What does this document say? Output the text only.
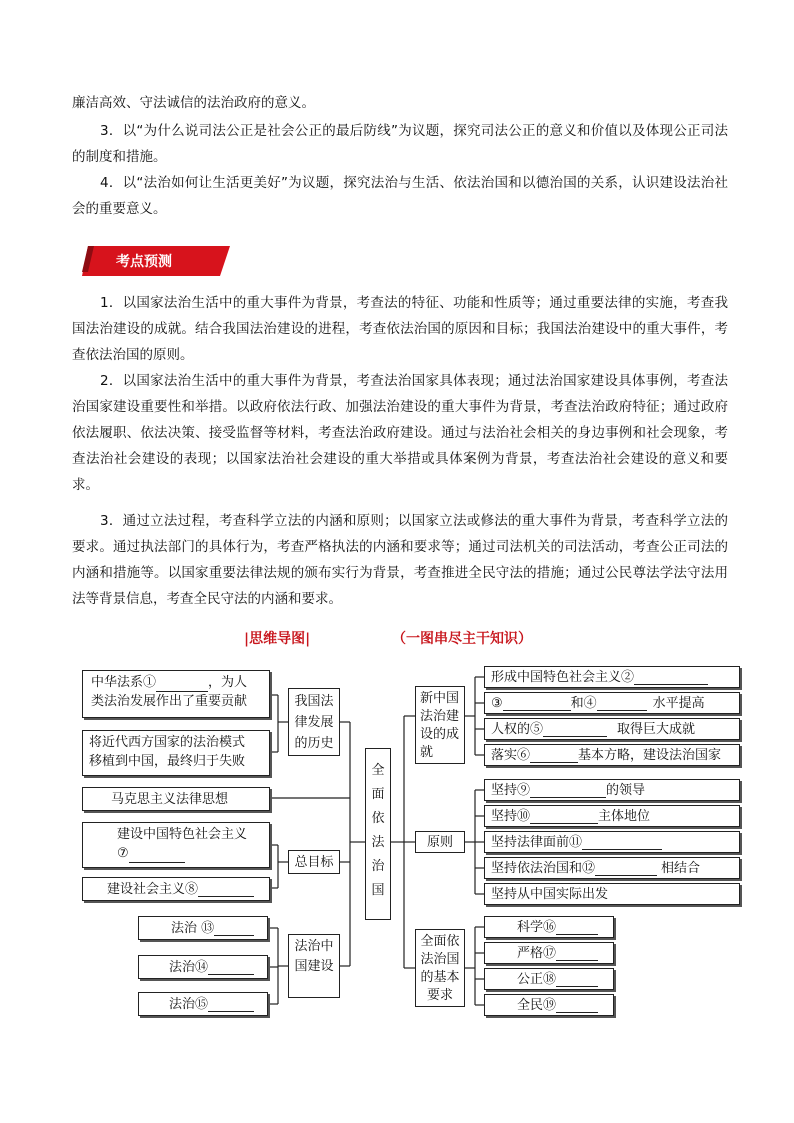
廉洁高效、守法诚信的法治政府的意义。

3．以“为什么说司法公正是社会公正的最后防线”为议题，探究司法公正的意义和价值以及体现公正司法的制度和措施。

4．以“法治如何让生活更美好”为议题，探究法治与生活、依法治国和以德治国的关系，认识建设法治社会的重要意义。

考点预测

1．以国家法治生活中的重大事件为背景，考查法的特征、功能和性质等；通过重要法律的实施，考查我国法治建设的成就。结合我国法治建设的进程，考查依法治国的原因和目标；我国法治建设中的重大事件，考查依法治国的原则。

2．以国家法治生活中的重大事件为背景，考查法治国家具体表现；通过法治国家建设具体事例，考查法治国家建设重要性和举措。以政府依法行政、加强法治建设的重大事件为背景，考查法治政府特征；通过政府依法履职、依法决策、接受监督等材料，考查法治政府建设。通过与法治社会相关的身边事例和社会现象，考查法治社会建设的表现；以国家法治社会建设的重大举措或具体案例为背景，考查法治社会建设的意义和要求。

3．通过立法过程，考查科学立法的内涵和原则；以国家立法或修法的重大事件为背景，考查科学立法的要求。通过执法部门的具体行为，考查严格执法的内涵和要求等；通过司法机关的司法活动，考查公正司法的内涵和措施等。以国家重要法律法规的颁布实行为背景，考查推进全民守法的措施；通过公民尊法学法守法用法等背景信息，考查全民守法的内涵和要求。

|思维导图|	（一图串尽主干知识）
中华法系①	，为人
类法治发展作出了重要贡献
将近代西方国家的法治模式
移植到中国，最终归于失败
我国法律发展的历史
马克思主义法律思想
建设中国特色社会主义
⑦
建设社会主义⑧
总目标
法治 ⑬
法治⑭
法治⑮
法治中国建设
全面依法治国
新中国法治建设的成就
形成中国特色社会主义②
③	和④	水平提高
人权的⑤	取得巨大成就
落实⑥	基本方略，建设法治国家
原则
坚持⑨	的领导
坚持⑩	主体地位
坚持法律面前⑪
坚持依法治国和⑫	相结合
坚持从中国实际出发
全面依法治国的基本要求
科学⑯
严格⑰
公正⑱
全民⑲
